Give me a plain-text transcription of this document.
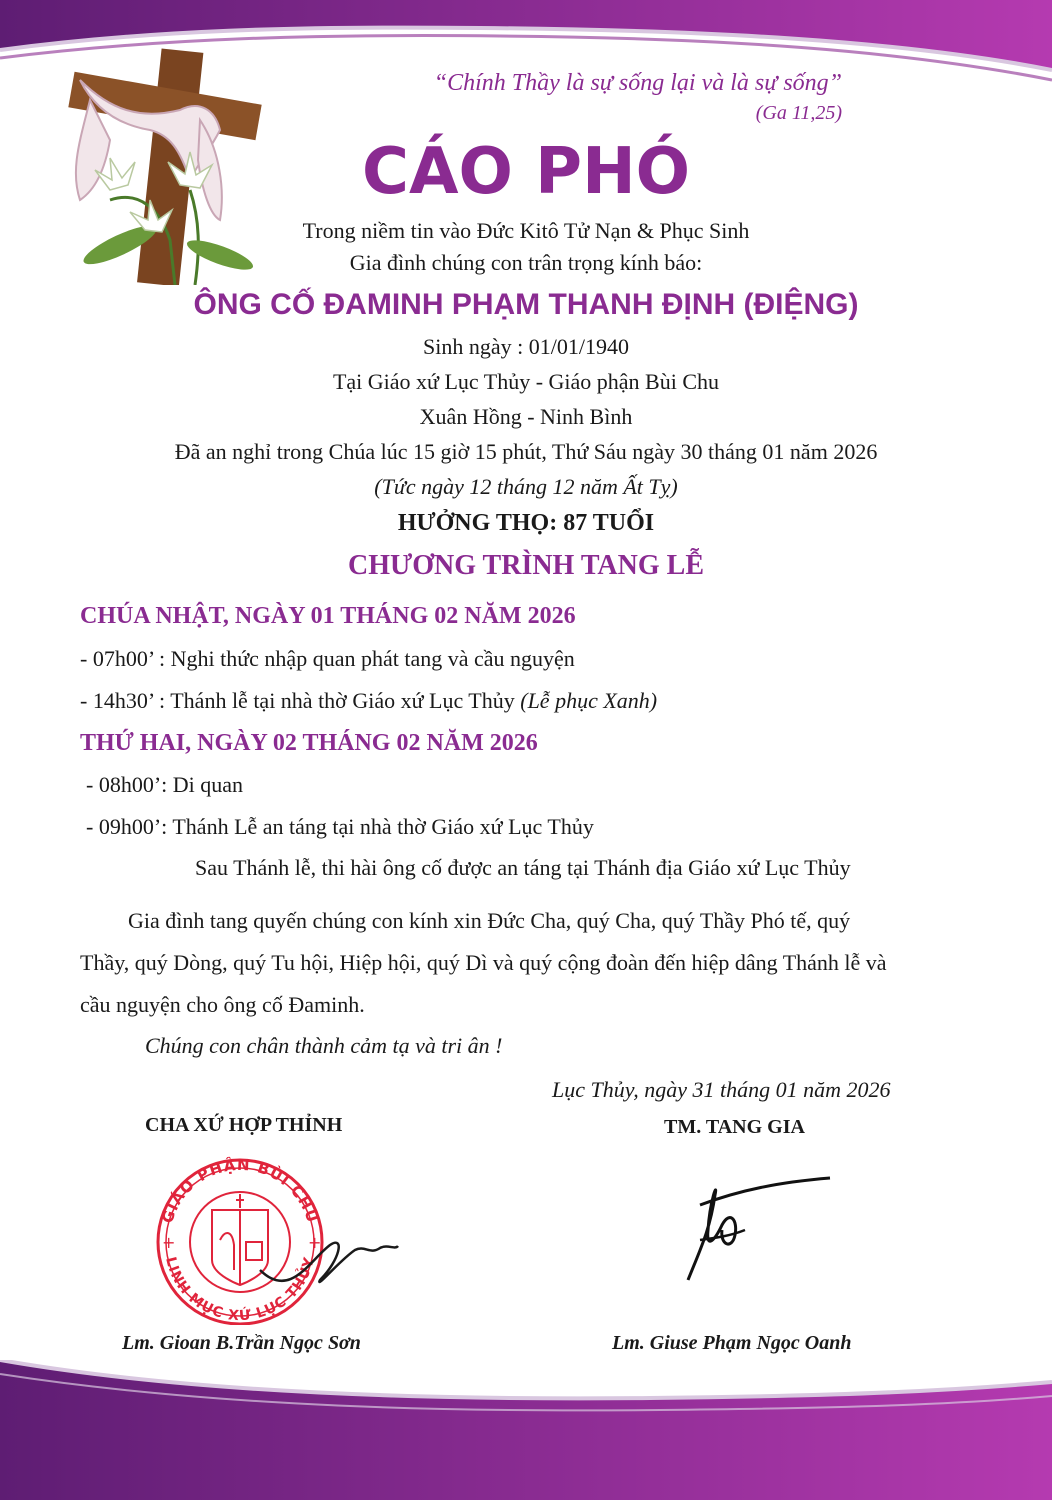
“Chính Thầy là sự sống lại và là sự sống”
(Ga 11,25)
CÁO PHÓ
Trong niềm tin vào Đức Kitô Tử Nạn & Phục Sinh
Gia đình chúng con trân trọng kính báo:
ÔNG CỐ ĐAMINH PHẠM THANH ĐỊNH (ĐIỆNG)
Sinh ngày : 01/01/1940
Tại Giáo xứ Lục Thủy - Giáo phận Bùi Chu
Xuân Hồng - Ninh Bình
Đã an nghỉ trong Chúa lúc 15 giờ 15 phút, Thứ Sáu ngày 30 tháng 01 năm 2026
(Tức ngày 12 tháng 12 năm Ất Tỵ)
HƯỞNG THỌ: 87 TUỔI
CHƯƠNG TRÌNH TANG LỄ
CHÚA NHẬT, NGÀY 01 THÁNG 02 NĂM 2026
- 07h00’ : Nghi thức nhập quan phát tang và cầu nguyện
- 14h30’ : Thánh lễ tại nhà thờ Giáo xứ Lục Thủy (Lễ phục Xanh)
THỨ HAI, NGÀY 02 THÁNG 02 NĂM 2026
- 08h00’: Di quan
- 09h00’: Thánh Lễ an táng tại nhà thờ Giáo xứ Lục Thủy
Sau Thánh lễ, thi hài ông cố được an táng tại Thánh địa Giáo xứ Lục Thủy
Gia đình tang quyến chúng con kính xin Đức Cha, quý Cha, quý Thầy Phó tế, quý
Thầy, quý Dòng, quý Tu hội, Hiệp hội, quý Dì và quý cộng đoàn đến hiệp dâng Thánh lễ và
cầu nguyện cho ông cố Đaminh.
Chúng con chân thành cảm tạ và tri ân !
Lục Thủy, ngày 31 tháng 01 năm 2026
CHA XỨ HỢP THỈNH	TM. TANG GIA
GIÁO PHẬN BÙI CHU
LINH MỤC XỨ LỤC THỦY
+	+
Lm. Gioan B.Trần Ngọc Sơn	Lm. Giuse Phạm Ngọc Oanh
